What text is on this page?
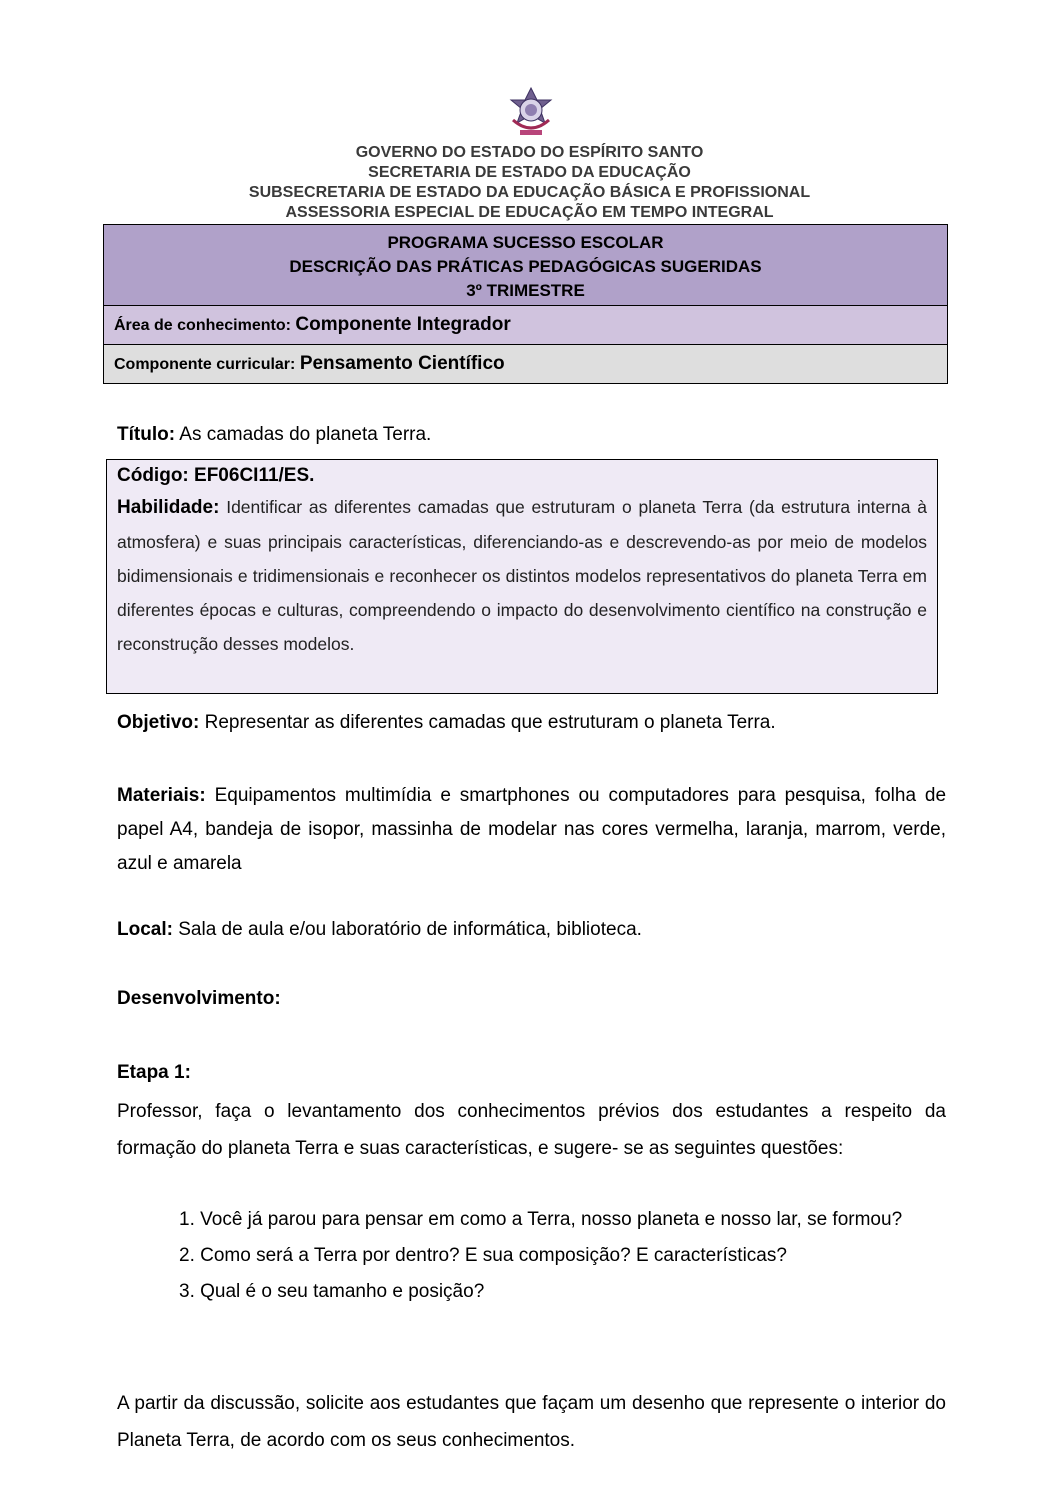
GOVERNO DO ESTADO DO ESPÍRITO SANTO
SECRETARIA DE ESTADO DA EDUCAÇÃO
SUBSECRETARIA DE ESTADO DA EDUCAÇÃO BÁSICA E PROFISSIONAL
ASSESSORIA ESPECIAL DE EDUCAÇÃO EM TEMPO INTEGRAL
PROGRAMA SUCESSO ESCOLAR
DESCRIÇÃO DAS PRÁTICAS PEDAGÓGICAS SUGERIDAS
3º TRIMESTRE
Área de conhecimento: Componente Integrador
Componente curricular: Pensamento Científico
Título: As camadas do planeta Terra.
Código: EF06CI11/ES.
Habilidade: Identificar as diferentes camadas que estruturam o planeta Terra (da estrutura interna à atmosfera) e suas principais características, diferenciando-as e descrevendo-as por meio de modelos bidimensionais e tridimensionais e reconhecer os distintos modelos representativos do planeta Terra em diferentes épocas e culturas, compreendendo o impacto do desenvolvimento científico na construção e reconstrução desses modelos.
Objetivo: Representar as diferentes camadas que estruturam o planeta Terra.
Materiais: Equipamentos multimídia e smartphones ou computadores para pesquisa, folha de papel A4, bandeja de isopor, massinha de modelar nas cores vermelha, laranja, marrom, verde, azul e amarela
Local: Sala de aula e/ou laboratório de informática, biblioteca.
Desenvolvimento:
Etapa 1:
Professor, faça o levantamento dos conhecimentos prévios dos estudantes a respeito da formação do planeta Terra e suas características, e sugere- se as seguintes questões:
1. Você já parou para pensar em como a Terra, nosso planeta e nosso lar, se formou?
2. Como será a Terra por dentro? E sua composição? E características?
3. Qual é o seu tamanho e posição?
A partir da discussão, solicite aos estudantes que façam um desenho que represente o interior do Planeta Terra, de acordo com os seus conhecimentos.
